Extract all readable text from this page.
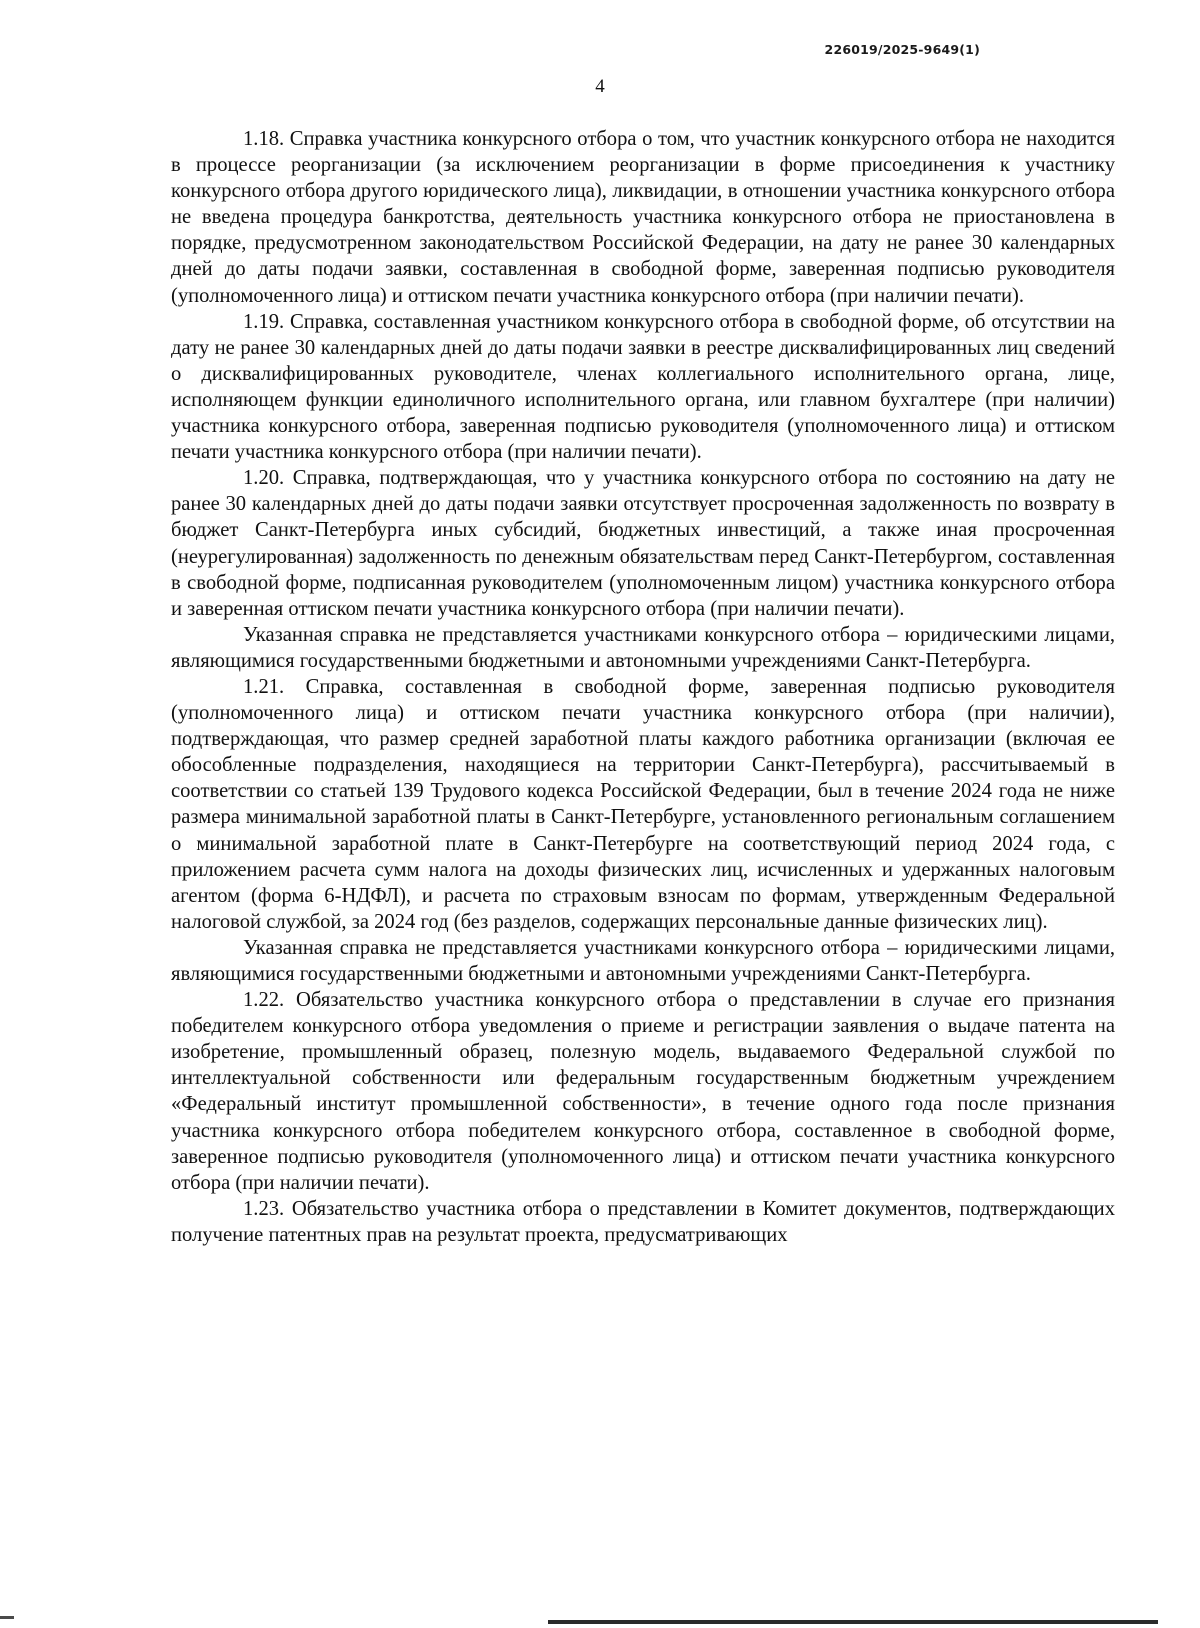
226019/2025-9649(1)
4

1.18. Справка участника конкурсного отбора о том, что участник конкурсного отбора не находится в процессе реорганизации (за исключением реорганизации в форме присоединения к участнику конкурсного отбора другого юридического лица), ликвидации, в отношении участника конкурсного отбора не введена процедура банкротства, деятельность участника конкурсного отбора не приостановлена в порядке, предусмотренном законодательством Российской Федерации, на дату не ранее 30 календарных дней до даты подачи заявки, составленная в свободной форме, заверенная подписью руководителя (уполномоченного лица) и оттиском печати участника конкурсного отбора (при наличии печати).

1.19. Справка, составленная участником конкурсного отбора в свободной форме, об отсутствии на дату не ранее 30 календарных дней до даты подачи заявки в реестре дисквалифицированных лиц сведений о дисквалифицированных руководителе, членах коллегиального исполнительного органа, лице, исполняющем функции единоличного исполнительного органа, или главном бухгалтере (при наличии) участника конкурсного отбора, заверенная подписью руководителя (уполномоченного лица) и оттиском печати участника конкурсного отбора (при наличии печати).

1.20. Справка, подтверждающая, что у участника конкурсного отбора по состоянию на дату не ранее 30 календарных дней до даты подачи заявки отсутствует просроченная задолженность по возврату в бюджет Санкт-Петербурга иных субсидий, бюджетных инвестиций, а также иная просроченная (неурегулированная) задолженность по денежным обязательствам перед Санкт-Петербургом, составленная в свободной форме, подписанная руководителем (уполномоченным лицом) участника конкурсного отбора и заверенная оттиском печати участника конкурсного отбора (при наличии печати).

Указанная справка не представляется участниками конкурсного отбора – юридическими лицами, являющимися государственными бюджетными и автономными учреждениями Санкт-Петербурга.

1.21. Справка, составленная в свободной форме, заверенная подписью руководителя (уполномоченного лица) и оттиском печати участника конкурсного отбора (при наличии), подтверждающая, что размер средней заработной платы каждого работника организации (включая ее обособленные подразделения, находящиеся на территории Санкт-Петербурга), рассчитываемый в соответствии со статьей 139 Трудового кодекса Российской Федерации, был в течение 2024 года не ниже размера минимальной заработной платы в Санкт-Петербурге, установленного региональным соглашением о минимальной заработной плате в Санкт-Петербурге на соответствующий период 2024 года, с приложением расчета сумм налога на доходы физических лиц, исчисленных и удержанных налоговым агентом (форма 6-НДФЛ), и расчета по страховым взносам по формам, утвержденным Федеральной налоговой службой, за 2024 год (без разделов, содержащих персональные данные физических лиц).

Указанная справка не представляется участниками конкурсного отбора – юридическими лицами, являющимися государственными бюджетными и автономными учреждениями Санкт-Петербурга.

1.22. Обязательство участника конкурсного отбора о представлении в случае его признания победителем конкурсного отбора уведомления о приеме и регистрации заявления о выдаче патента на изобретение, промышленный образец, полезную модель, выдаваемого Федеральной службой по интеллектуальной собственности или федеральным государственным бюджетным учреждением «Федеральный институт промышленной собственности», в течение одного года после признания участника конкурсного отбора победителем конкурсного отбора, составленное в свободной форме, заверенное подписью руководителя (уполномоченного лица) и оттиском печати участника конкурсного отбора (при наличии печати).

1.23. Обязательство участника отбора о представлении в Комитет документов, подтверждающих получение патентных прав на результат проекта, предусматривающих
